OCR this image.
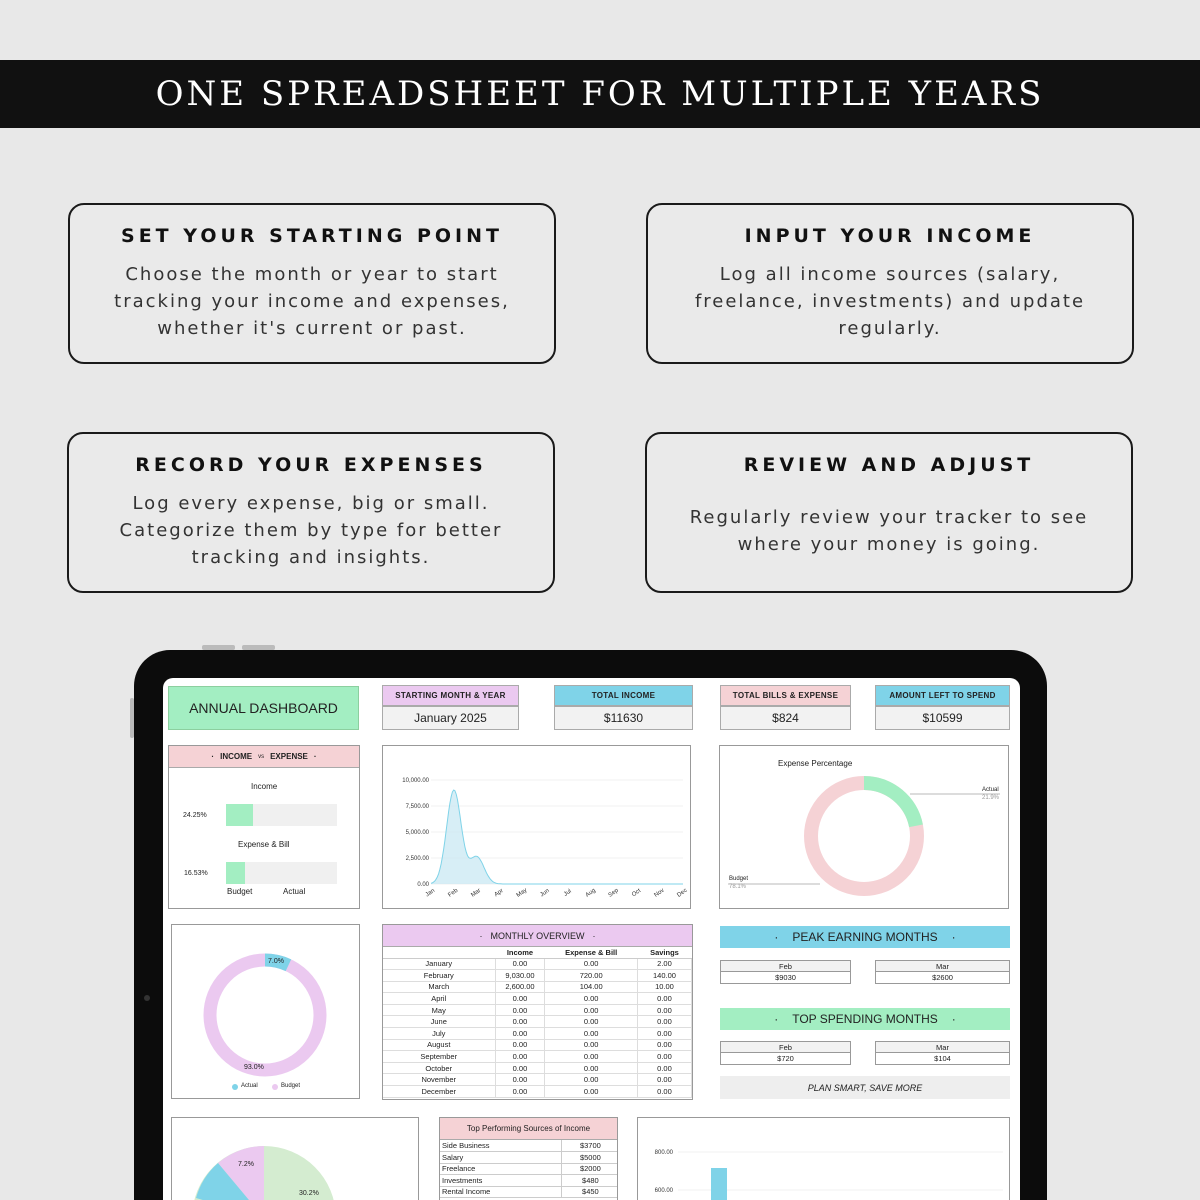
ONE SPREADSHEET FOR MULTIPLE YEARS
SET YOUR STARTING POINT

Choose the month or year to start tracking your income and expenses, whether it's current or past.

INPUT YOUR INCOME

Log all income sources (salary, freelance, investments) and update regularly.

RECORD YOUR EXPENSES

Log every expense, big or small. Categorize them by type for better tracking and insights.

REVIEW AND ADJUST

Regularly review your tracker to see where your money is going.

ANNUAL DASHBOARD
STARTING MONTH & YEAR
January 2025
TOTAL INCOME
$11630
TOTAL BILLS & EXPENSE
$824
AMOUNT LEFT TO SPEND
$10599
· INCOME vs EXPENSE ·
Income
24.25%
Expense & Bill
16.53%
Budget	Actual
10,000.00
7,500.00
5,000.00
2,500.00
0.00
Jan Feb Mar Apr May Jun Jul Aug Sep Oct Nov Dec
Expense Percentage
Actual
21.9%
Budget
78.1%
7.0%
93.0%
Actual	Budget
· MONTHLY OVERVIEW ·
	Income	Expense & Bill	Savings
January	0.00	0.00	2.00
February	9,030.00	720.00	140.00
March	2,600.00	104.00	10.00
April	0.00	0.00	0.00
May	0.00	0.00	0.00
June	0.00	0.00	0.00
July	0.00	0.00	0.00
August	0.00	0.00	0.00
September	0.00	0.00	0.00
October	0.00	0.00	0.00
November	0.00	0.00	0.00
December	0.00	0.00	0.00
· PEAK EARNING MONTHS ·
Feb
$9030
Mar
$2600
· TOP SPENDING MONTHS ·
Feb
$720
Mar
$104
PLAN SMART, SAVE MORE
7.2%
30.2%
Top Performing Sources of Income
Side Business	$3700
Salary	$5000
Freelance	$2000
Investments	$480
Rental Income	$450
800.00
600.00
